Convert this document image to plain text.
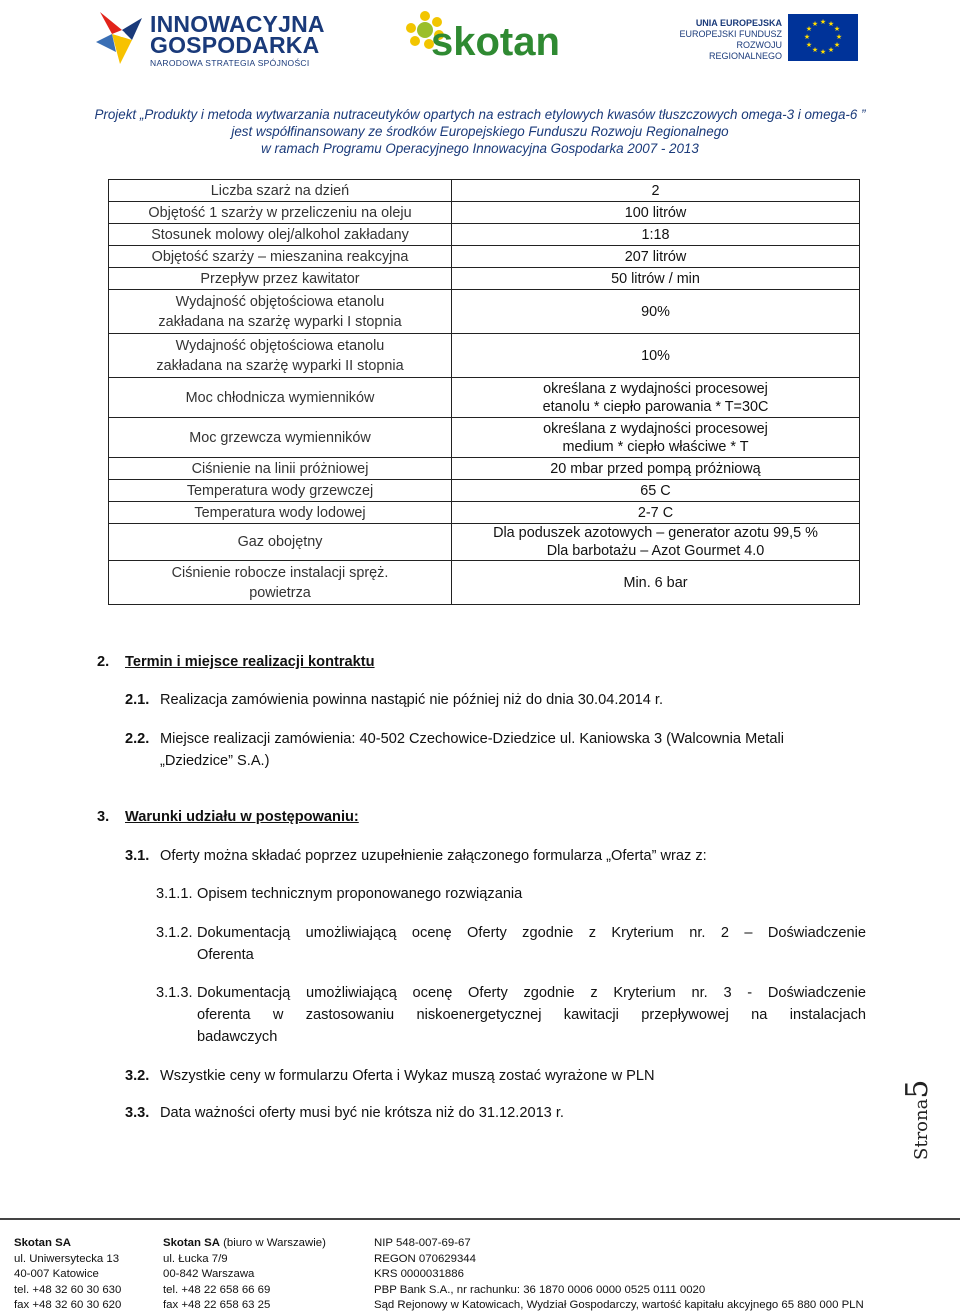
INNOWACYJNA
GOSPODARKA
NARODOWA STRATEGIA SPÓJNOŚCI	skotan	UNIA EUROPEJSKA
EUROPEJSKI FUNDUSZ
ROZWOJU REGIONALNEGO
★ ★
★
★
★
★
★
★
★
★
★
★
Projekt „Produkty i metoda wytwarzania nutraceutyków opartych na estrach etylowych kwasów tłuszczowych omega-3 i omega-6 ”
jest współfinansowany ze środków Europejskiego Funduszu Rozwoju Regionalnego
w ramach Programu Operacyjnego Innowacyjna Gospodarka 2007 - 2013
Liczba szarż na dzień	2

Objętość 1 szarży w przeliczeniu na oleju	100 litrów

Stosunek molowy olej/alkohol zakładany	1:18

Objętość szarży – mieszanina reakcyjna	207 litrów

Przepływ przez kawitator	50 litrów / min

Wydajność objętościowa etanolu
zakładana na szarżę wyparki I stopnia	90%

Wydajność objętościowa etanolu
zakładana na szarżę wyparki II stopnia	10%

Moc chłodnicza wymienników	określana z wydajności procesowej
etanolu * ciepło parowania * T=30C

Moc grzewcza wymienników	określana z wydajności procesowej
medium * ciepło właściwe * T

Ciśnienie na linii próżniowej	20 mbar przed pompą próżniową

Temperatura wody grzewczej	65 C

Temperatura wody lodowej	2-7 C

Gaz obojętny	Dla poduszek azotowych – generator azotu 99,5 %
Dla barbotażu – Azot Gourmet 4.0

Ciśnienie robocze instalacji spręż.
powietrza	Min. 6 bar
2. Termin i miejsce realizacji kontraktu
2.1. Realizacja zamówienia powinna nastąpić nie później niż do dnia 30.04.2014 r.
2.2. Miejsce realizacji zamówienia: 40-502 Czechowice-Dziedzice ul. Kaniowska 3 (Walcownia Metali
„Dziedzice” S.A.)
3. Warunki udziału w postępowaniu:
3.1. Oferty można składać poprzez uzupełnienie załączonego formularza „Oferta” wraz z:
3.1.1. Opisem technicznym proponowanego rozwiązania
3.1.2. Dokumentacją umożliwiającą ocenę Oferty zgodnie z Kryterium nr. 2 – Doświadczenie
Oferenta
3.1.3. Dokumentacją umożliwiającą ocenę Oferty zgodnie z Kryterium nr. 3 - Doświadczenie
oferenta w zastosowaniu niskoenergetycznej kawitacji przepływowej na instalacjach
badawczych
3.2. Wszystkie ceny w formularzu Oferta i Wykaz muszą zostać wyrażone w PLN
3.3. Data ważności oferty musi być nie krótsza niż do 31.12.2013 r.	Strona5
Skotan SA
ul. Uniwersytecka 13
40-007 Katowice
tel. +48 32 60 30 630
fax +48 32 60 30 620
Skotan SA (biuro w Warszawie)
ul. Łucka 7/9
00-842 Warszawa
tel. +48 22 658 66 69
fax +48 22 658 63 25
NIP 548-007-69-67
REGON 070629344
KRS 0000031886
PBP Bank S.A., nr rachunku: 36 1870 0006 0000 0525 0111 0020
Sąd Rejonowy w Katowicach, Wydział Gospodarczy, wartość kapitału akcyjnego 65 880 000 PLN
